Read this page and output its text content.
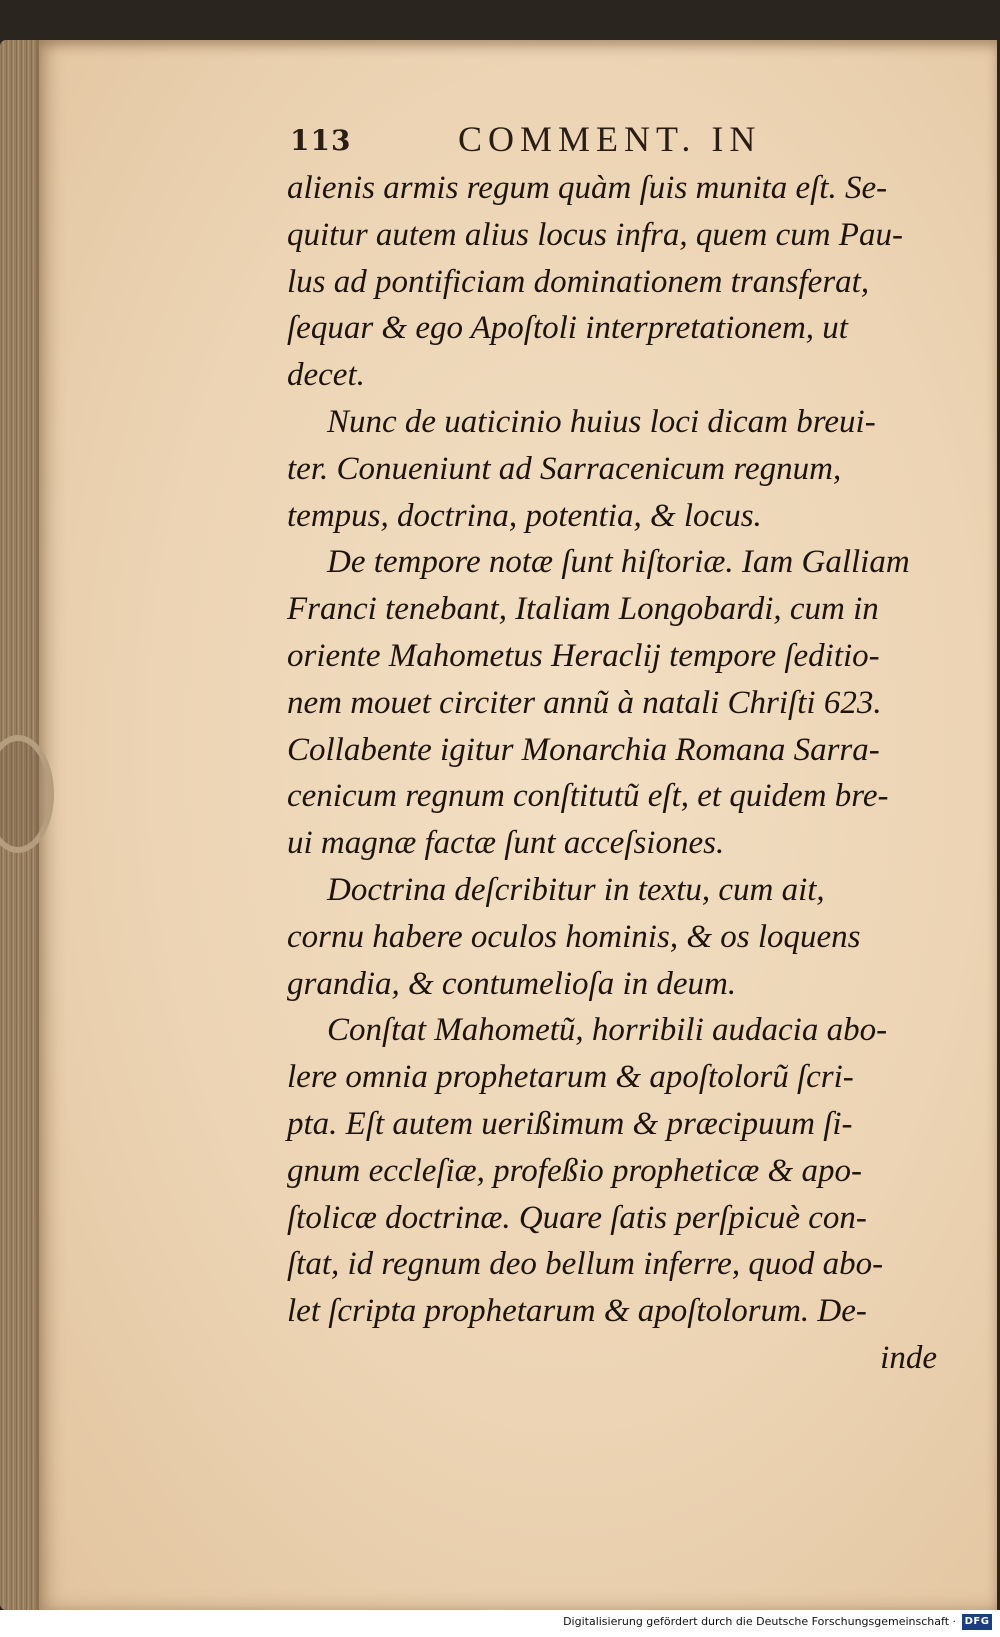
113	COMMENT. IN
alienis armis regum quàm ſuis munita eſt. Se-
quitur autem alius locus infra, quem cum Pau-
lus ad pontificiam dominationem transferat,
ſequar & ego Apoſtoli interpretationem, ut
decet.
Nunc de uaticinio huius loci dicam breui-
ter. Conueniunt ad Sarracenicum regnum,
tempus, doctrina, potentia, & locus.
De tempore notæ ſunt hiſtoriæ. Iam Galliam
Franci tenebant, Italiam Longobardi, cum in
oriente Mahometus Heraclij tempore ſeditio-
nem mouet circiter annũ à natali Chriſti 623.
Collabente igitur Monarchia Romana Sarra-
cenicum regnum conſtitutũ eſt, et quidem bre-
ui magnæ factæ ſunt acceſsiones.
Doctrina deſcribitur in textu, cum ait,
cornu habere oculos hominis, & os loquens
grandia, & contumelioſa in deum.
Conſtat Mahometũ, horribili audacia abo-
lere omnia prophetarum & apoſtolorũ ſcri-
pta. Eſt autem uerißimum & præcipuum ſi-
gnum eccleſiæ, profeßio propheticæ & apo-
ſtolicæ doctrinæ. Quare ſatis perſpicuè con-
ſtat, id regnum deo bellum inferre, quod abo-
let ſcripta prophetarum & apoſtolorum. De-
inde
Digitalisierung gefördert durch die Deutsche Forschungsgemeinschaft · DFG
